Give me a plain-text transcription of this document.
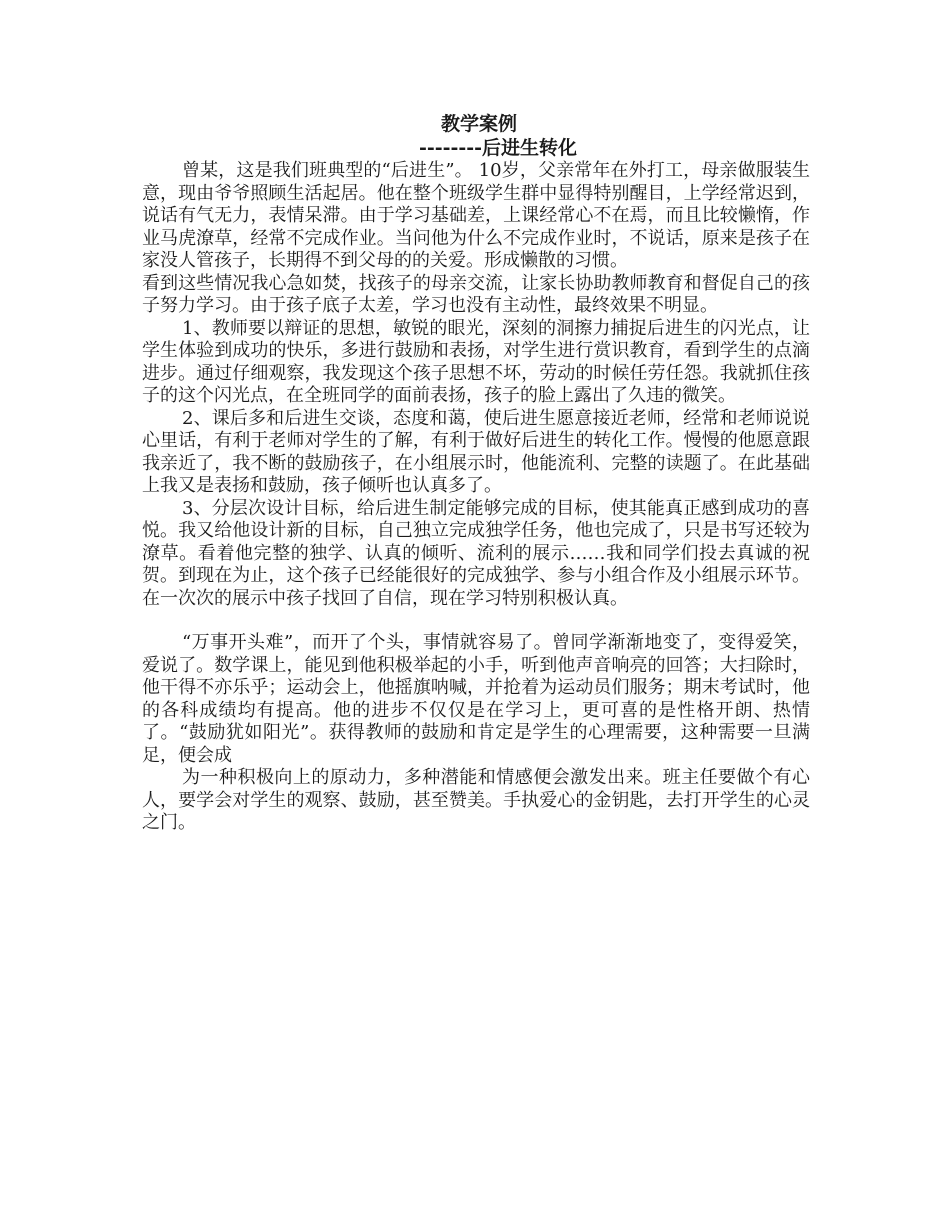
教学案例

--------后进生转化

曾某，这是我们班典型的“后进生”。 10岁，父亲常年在外打工，母亲做服装生意，现由爷爷照顾生活起居。他在整个班级学生群中显得特别醒目，上学经常迟到，说话有气无力，表情呆滞。由于学习基础差，上课经常心不在焉，而且比较懒惰，作业马虎潦草，经常不完成作业。当问他为什么不完成作业时，不说话，原来是孩子在家没人管孩子，长期得不到父母的的关爱。形成懒散的习惯。

看到这些情况我心急如焚，找孩子的母亲交流，让家长协助教师教育和督促自己的孩子努力学习。由于孩子底子太差，学习也没有主动性，最终效果不明显。

1、教师要以辩证的思想，敏锐的眼光，深刻的洞擦力捕捉后进生的闪光点，让学生体验到成功的快乐，多进行鼓励和表扬，对学生进行赏识教育，看到学生的点滴进步。通过仔细观察，我发现这个孩子思想不坏，劳动的时候任劳任怨。我就抓住孩子的这个闪光点，在全班同学的面前表扬，孩子的脸上露出了久违的微笑。

2、课后多和后进生交谈，态度和蔼，使后进生愿意接近老师，经常和老师说说心里话，有利于老师对学生的了解，有利于做好后进生的转化工作。慢慢的他愿意跟我亲近了，我不断的鼓励孩子，在小组展示时，他能流利、完整的读题了。在此基础上我又是表扬和鼓励，孩子倾听也认真多了。

3、分层次设计目标，给后进生制定能够完成的目标，使其能真正感到成功的喜悦。我又给他设计新的目标，自己独立完成独学任务，他也完成了，只是书写还较为潦草。看着他完整的独学、认真的倾听、流利的展示……我和同学们投去真诚的祝贺。到现在为止，这个孩子已经能很好的完成独学、参与小组合作及小组展示环节。在一次次的展示中孩子找回了自信，现在学习特别积极认真。

“万事开头难”，而开了个头，事情就容易了。曾同学渐渐地变了，变得爱笑，爱说了。数学课上，能见到他积极举起的小手，听到他声音响亮的回答；大扫除时，他干得不亦乐乎；运动会上，他摇旗呐喊，并抢着为运动员们服务；期末考试时，他的各科成绩均有提高。他的进步不仅仅是在学习上，更可喜的是性格开朗、热情了。“鼓励犹如阳光”。获得教师的鼓励和肯定是学生的心理需要，这种需要一旦满足，便会成

为一种积极向上的原动力，多种潜能和情感便会激发出来。班主任要做个有心人，要学会对学生的观察、鼓励，甚至赞美。手执爱心的金钥匙，去打开学生的心灵之门。
